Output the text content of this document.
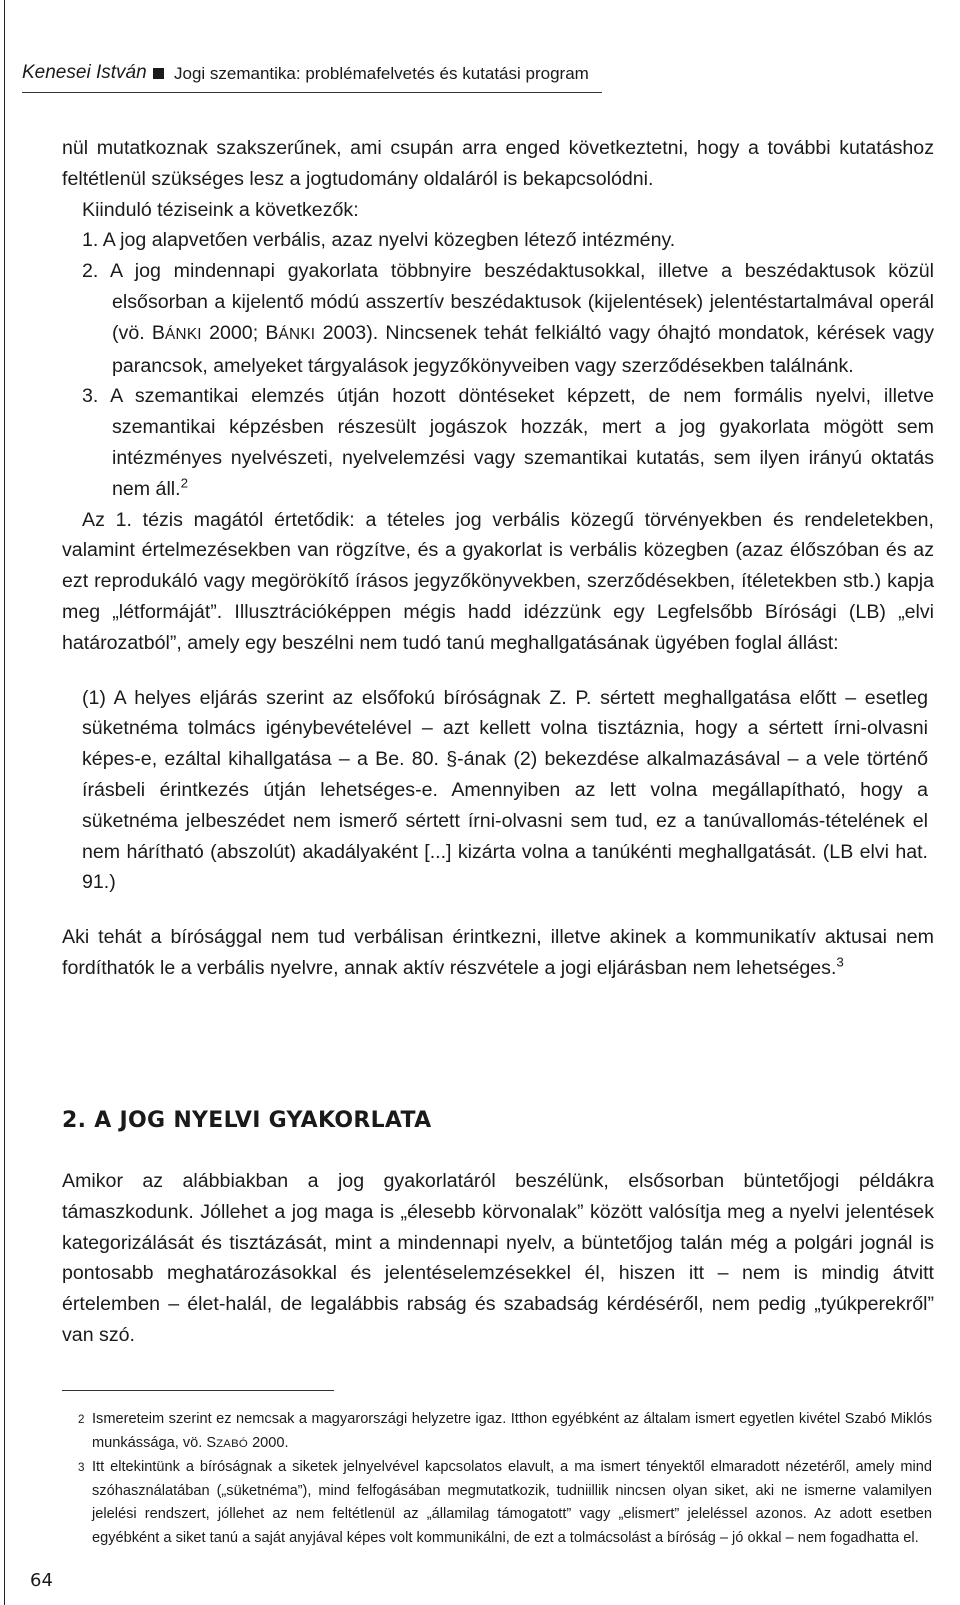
Kenesei István Jogi szemantika: problémafelvetés és kutatási program

nül mutatkoznak szakszerűnek, ami csupán arra enged következtetni, hogy a további kutatáshoz feltétlenül szükséges lesz a jogtudomány oldaláról is bekapcsolódni.

Kiinduló téziseink a következők:

1. A jog alapvetően verbális, azaz nyelvi közegben létező intézmény.

2. A jog mindennapi gyakorlata többnyire beszédaktusokkal, illetve a beszédaktusok közül elsősorban a kijelentő módú asszertív beszédaktusok (kijelentések) jelentéstartalmával operál (vö. BÁNKI 2000; BÁNKI 2003). Nincsenek tehát felkiáltó vagy óhajtó mondatok, kérések vagy parancsok, amelyeket tárgyalások jegyzőkönyveiben vagy szerződésekben találnánk.

3. A szemantikai elemzés útján hozott döntéseket képzett, de nem formális nyelvi, illetve szemantikai képzésben részesült jogászok hozzák, mert a jog gyakorlata mögött sem intézményes nyelvészeti, nyelvelemzési vagy szemantikai kutatás, sem ilyen irányú oktatás nem áll.$^2$

Az 1. tézis magától értetődik: a tételes jog verbális közegű törvényekben és rendeletekben, valamint értelmezésekben van rögzítve, és a gyakorlat is verbális közegben (azaz élőszóban és az ezt reprodukáló vagy megörökítő írásos jegyzőkönyvekben, szerződésekben, ítéletekben stb.) kapja meg „létformáját”. Illusztrációképpen mégis hadd idézzünk egy Legfelsőbb Bírósági (LB) „elvi határozatból”, amely egy beszélni nem tudó tanú meghallgatásának ügyében foglal állást:

(1) A helyes eljárás szerint az elsőfokú bíróságnak Z. P. sértett meghallgatása előtt – esetleg süketnéma tolmács igénybevételével – azt kellett volna tisztáznia, hogy a sértett írni-olvasni képes-e, ezáltal kihallgatása – a Be. 80. §-ának (2) bekezdése alkalmazásával – a vele történő írásbeli érintkezés útján lehetséges-e. Amennyiben az lett volna megállapítható, hogy a süketnéma jelbeszédet nem ismerő sértett írni-olvasni sem tud, ez a tanúvallomás-tételének el nem hárítható (abszolút) akadályaként [...] kizárta volna a tanúkénti meghallgatását. (LB elvi hat. 91.)

Aki tehát a bírósággal nem tud verbálisan érintkezni, illetve akinek a kommunikatív aktusai nem fordíthatók le a verbális nyelvre, annak aktív részvétele a jogi eljárásban nem lehetséges.$^3$

2. A JOG NYELVI GYAKORLATA

Amikor az alábbiakban a jog gyakorlatáról beszélünk, elsősorban büntetőjogi példákra támaszkodunk. Jóllehet a jog maga is „élesebb körvonalak” között valósítja meg a nyelvi jelentések kategorizálását és tisztázását, mint a mindennapi nyelv, a büntetőjog talán még a polgári jognál is pontosabb meghatározásokkal és jelentéselemzésekkel él, hiszen itt – nem is mindig átvitt értelemben – élet-halál, de legalábbis rabság és szabadság kérdéséről, nem pedig „tyúkperekről” van szó.

2 Ismereteim szerint ez nemcsak a magyarországi helyzetre igaz. Itthon egyébként az általam ismert egyetlen kivétel Szabó Miklós munkássága, vö. SZABÓ 2000.

3 Itt eltekintünk a bíróságnak a siketek jelnyelvével kapcsolatos elavult, a ma ismert tényektől elmaradott nézetéről, amely mind szóhasználatában („süketnéma”), mind felfogásában megmutatkozik, tudniillik nincsen olyan siket, aki ne ismerne valamilyen jelelési rendszert, jóllehet az nem feltétlenül az „államilag támogatott” vagy „elismert” jeleléssel azonos. Az adott esetben egyébként a siket tanú a saját anyjával képes volt kommunikálni, de ezt a tolmácsolást a bíróság – jó okkal – nem fogadhatta el.

64
